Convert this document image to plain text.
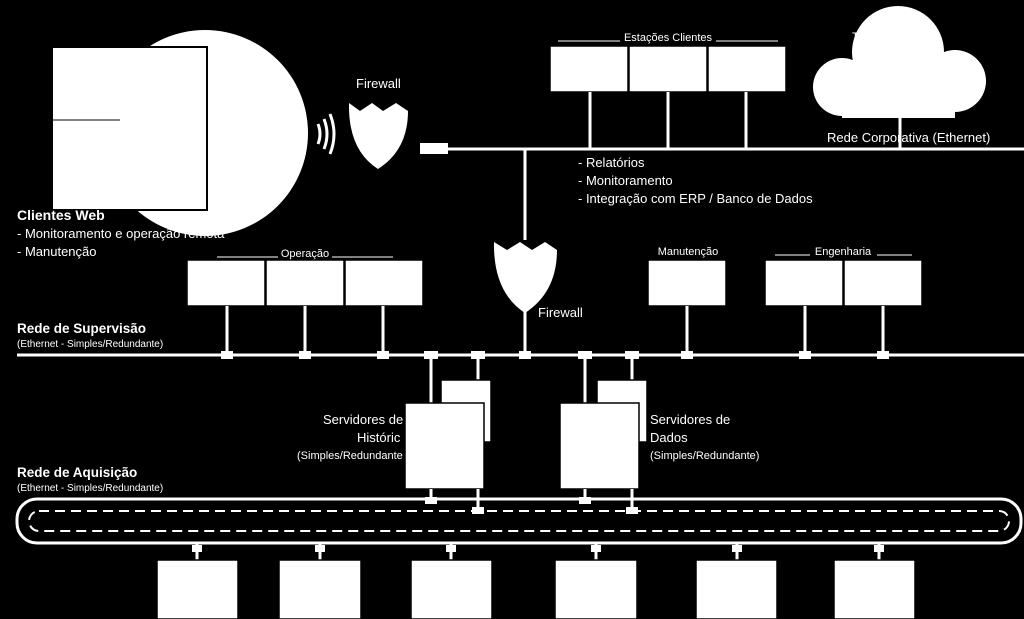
Firewall
Estações Clientes	Ta...s
Rede Corporativa (Ethernet)
- Relatórios
- Monitoramento
- Integração com ERP / Banco de Dados
Clientes Web
- Monitoramento e operação remota
- Manutenção
Firewall
Operação	Manutenção	Engenharia
Rede de Supervisão
(Ethernet - Simples/Redundante)
Servidores de
Históric
(Simples/Redundante
Servidores de
Dados
(Simples/Redundante)
Rede de Aquisição
(Ethernet - Simples/Redundante)
